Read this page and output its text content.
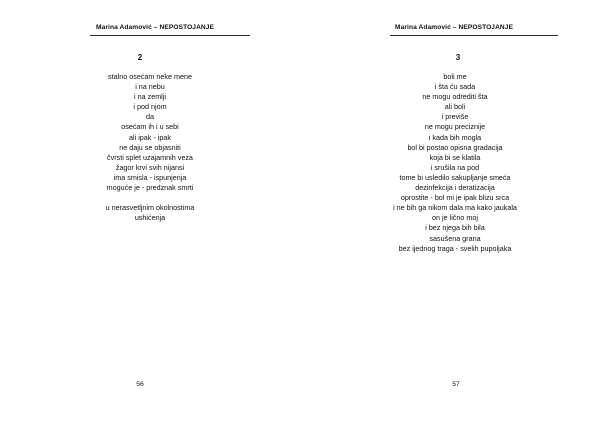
Marina Adamović – NEPOSTOJANJE
2
stalno osećam neke mene
i na nebu
i na zemlji
i pod njom
da
osećam ih i u sebi
ali ipak - ipak
ne daju se objasniti
čvrsti splet uzajamnih veza
žagor krvi svih nijansi
ima smisla - ispunjenja
moguće je - predznak smrti
u nerasvetljnim okolnostima
ushićenja
56
Marina Adamović – NEPOSTOJANJE
3
boli me
i šta ću sada
ne mogu odrediti šta
ali boli
i previše
ne mogu preciznije
i kada bih mogla
bol bi postao opisna gradacija
koja bi se klatila
i srušila na pod
tome bi usledilo sakupljanje smeća
dezinfekcija i deratizacija
oprostite - bol mi je ipak blizu srca
i ne bih ga nikom dala ma kako jaukala
on je lično moj
i bez njega bih bila
sasušena grana
bez ijednog traga - svelih pupoljaka
57
